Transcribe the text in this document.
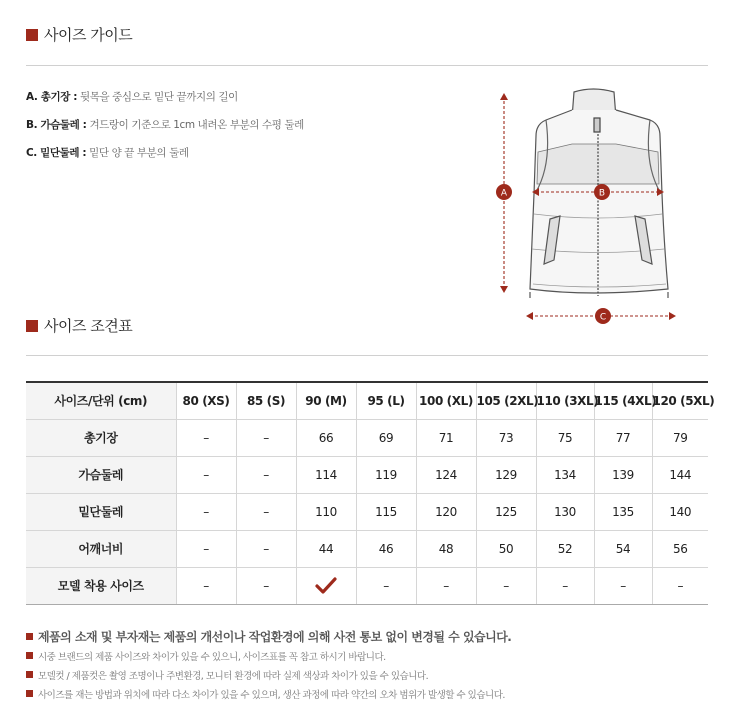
사이즈 가이드
A. 총기장 : 뒷목을 중심으로 밑단 끝까지의 길이
B. 가슴둘레 : 겨드랑이 기준으로 1cm 내려온 부분의 수평 둘레
C. 밑단둘레 : 밑단 양 끝 부분의 둘레
A	B
C
사이즈 조견표
사이즈/단위 (cm)	80 (XS)	85 (S)	90 (M)	95 (L)	100 (XL)	105 (2XL)	110 (3XL)	115 (4XL)	120 (5XL)
총기장	–	–	66	69	71	73	75	77	79
가슴둘레	–	–	114	119	124	129	134	139	144
밑단둘레	–	–	110	115	120	125	130	135	140
어깨너비	–	–	44	46	48	50	52	54	56
모델 착용 사이즈	–	–		–	–	–	–	–	–
제품의 소재 및 부자재는 제품의 개선이나 작업환경에 의해 사전 통보 없이 변경될 수 있습니다.
시중 브랜드의 제품 사이즈와 차이가 있을 수 있으니, 사이즈표를 꼭 참고 하시기 바랍니다.
모델컷 / 제품컷은 촬영 조명이나 주변환경, 모니터 환경에 따라 실제 색상과 차이가 있을 수 있습니다.
사이즈를 재는 방법과 위치에 따라 다소 차이가 있을 수 있으며, 생산 과정에 따라 약간의 오차 범위가 발생할 수 있습니다.
